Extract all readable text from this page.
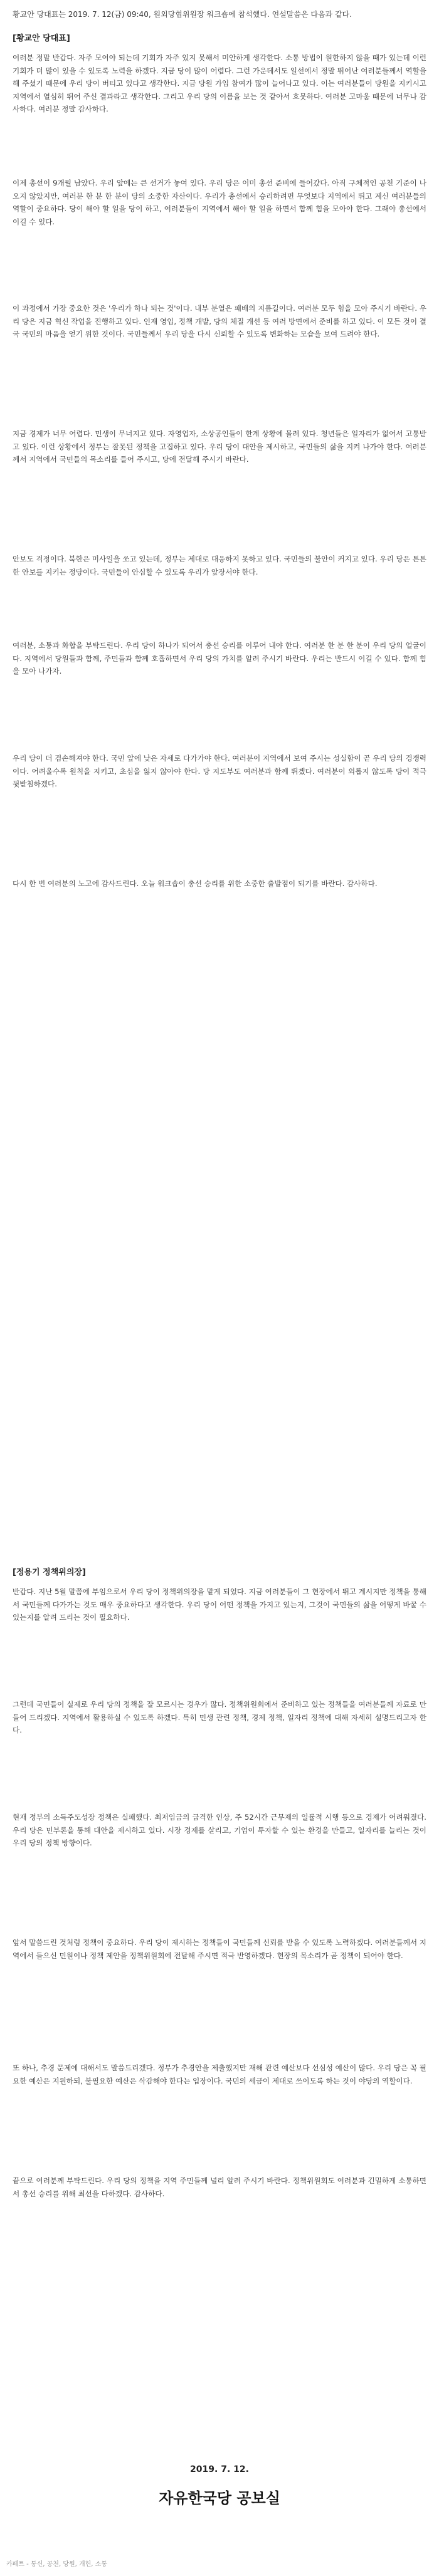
황교안 당대표는 2019. 7. 12(금) 09:40, 원외당협위원장 워크숍에 참석했다. 연설말씀은 다음과 같다.
[황교안 당대표]

여러분 정말 반갑다. 자주 모여야 되는데 기회가 자주 있지 못해서 미안하게 생각한다. 소통 방법이 원한하지 않을 때가 있는데 이런 기회가 더 많이 있을 수 있도록 노력을 하겠다. 지금 당이 많이 어렵다. 그런 가운데서도 일선에서 정말 뛰어난 여러분들께서 역할을 해 주셨기 때문에 우리 당이 버티고 있다고 생각한다. 지금 당원 가입 참여가 많이 늘어나고 있다. 이는 여러분들이 당원을 지키시고 지역에서 열심히 뛰어 주신 결과라고 생각한다. 그리고 우리 당의 이름을 보는 것 같아서 흐뭇하다. 여러분 고마움 때문에 너무나 감사하다. 여러분 정말 감사하다.

이제 총선이 9개월 남았다. 우리 앞에는 큰 선거가 놓여 있다. 우리 당은 이미 총선 준비에 들어갔다. 아직 구체적인 공천 기준이 나오지 않았지만, 여러분 한 분 한 분이 당의 소중한 자산이다. 우리가 총선에서 승리하려면 무엇보다 지역에서 뛰고 계신 여러분들의 역할이 중요하다. 당이 해야 할 일을 당이 하고, 여러분들이 지역에서 해야 할 일을 하면서 함께 힘을 모아야 한다. 그래야 총선에서 이길 수 있다.

이 과정에서 가장 중요한 것은 '우리가 하나 되는 것'이다. 내부 분열은 패배의 지름길이다. 여러분 모두 힘을 모아 주시기 바란다. 우리 당은 지금 혁신 작업을 진행하고 있다. 인재 영입, 정책 개발, 당의 체질 개선 등 여러 방면에서 준비를 하고 있다. 이 모든 것이 결국 국민의 마음을 얻기 위한 것이다. 국민들께서 우리 당을 다시 신뢰할 수 있도록 변화하는 모습을 보여 드려야 한다.

지금 경제가 너무 어렵다. 민생이 무너지고 있다. 자영업자, 소상공인들이 한계 상황에 몰려 있다. 청년들은 일자리가 없어서 고통받고 있다. 이런 상황에서 정부는 잘못된 정책을 고집하고 있다. 우리 당이 대안을 제시하고, 국민들의 삶을 지켜 나가야 한다. 여러분께서 지역에서 국민들의 목소리를 들어 주시고, 당에 전달해 주시기 바란다.

안보도 걱정이다. 북한은 미사일을 쏘고 있는데, 정부는 제대로 대응하지 못하고 있다. 국민들의 불안이 커지고 있다. 우리 당은 튼튼한 안보를 지키는 정당이다. 국민들이 안심할 수 있도록 우리가 앞장서야 한다.

여러분, 소통과 화합을 부탁드린다. 우리 당이 하나가 되어서 총선 승리를 이루어 내야 한다. 여러분 한 분 한 분이 우리 당의 얼굴이다. 지역에서 당원들과 함께, 주민들과 함께 호흡하면서 우리 당의 가치를 알려 주시기 바란다. 우리는 반드시 이길 수 있다. 함께 힘을 모아 나가자.

우리 당이 더 겸손해져야 한다. 국민 앞에 낮은 자세로 다가가야 한다. 여러분이 지역에서 보여 주시는 성실함이 곧 우리 당의 경쟁력이다. 어려울수록 원칙을 지키고, 초심을 잃지 않아야 한다. 당 지도부도 여러분과 함께 뛰겠다. 여러분이 외롭지 않도록 당이 적극 뒷받침하겠다.

다시 한 번 여러분의 노고에 감사드린다. 오늘 워크숍이 총선 승리를 위한 소중한 출발점이 되기를 바란다. 감사하다.

[정용기 정책위의장]

반갑다. 지난 5월 말쯤에 부임으로서 우리 당이 정책위의장을 맡게 되었다. 지금 여러분들이 그 현장에서 뛰고 계시지만 정책을 통해서 국민들께 다가가는 것도 매우 중요하다고 생각한다. 우리 당이 어떤 정책을 가지고 있는지, 그것이 국민들의 삶을 어떻게 바꿀 수 있는지를 알려 드리는 것이 필요하다.

그런데 국민들이 실제로 우리 당의 정책을 잘 모르시는 경우가 많다. 정책위원회에서 준비하고 있는 정책들을 여러분들께 자료로 만들어 드리겠다. 지역에서 활용하실 수 있도록 하겠다. 특히 민생 관련 정책, 경제 정책, 일자리 정책에 대해 자세히 설명드리고자 한다.

현재 정부의 소득주도성장 정책은 실패했다. 최저임금의 급격한 인상, 주 52시간 근무제의 일률적 시행 등으로 경제가 어려워졌다. 우리 당은 민부론을 통해 대안을 제시하고 있다. 시장 경제를 살리고, 기업이 투자할 수 있는 환경을 만들고, 일자리를 늘리는 것이 우리 당의 정책 방향이다.

앞서 말씀드린 것처럼 정책이 중요하다. 우리 당이 제시하는 정책들이 국민들께 신뢰를 받을 수 있도록 노력하겠다. 여러분들께서 지역에서 들으신 민원이나 정책 제안을 정책위원회에 전달해 주시면 적극 반영하겠다. 현장의 목소리가 곧 정책이 되어야 한다.

또 하나, 추경 문제에 대해서도 말씀드리겠다. 정부가 추경안을 제출했지만 재해 관련 예산보다 선심성 예산이 많다. 우리 당은 꼭 필요한 예산은 지원하되, 불필요한 예산은 삭감해야 한다는 입장이다. 국민의 세금이 제대로 쓰이도록 하는 것이 야당의 역할이다.

끝으로 여러분께 부탁드린다. 우리 당의 정책을 지역 주민들께 널리 알려 주시기 바란다. 정책위원회도 여러분과 긴밀하게 소통하면서 총선 승리를 위해 최선을 다하겠다. 감사하다.

2019. 7. 12.
자유한국당 공보실
카페트 - 통신, 공천, 당원, 개헌, 소통
